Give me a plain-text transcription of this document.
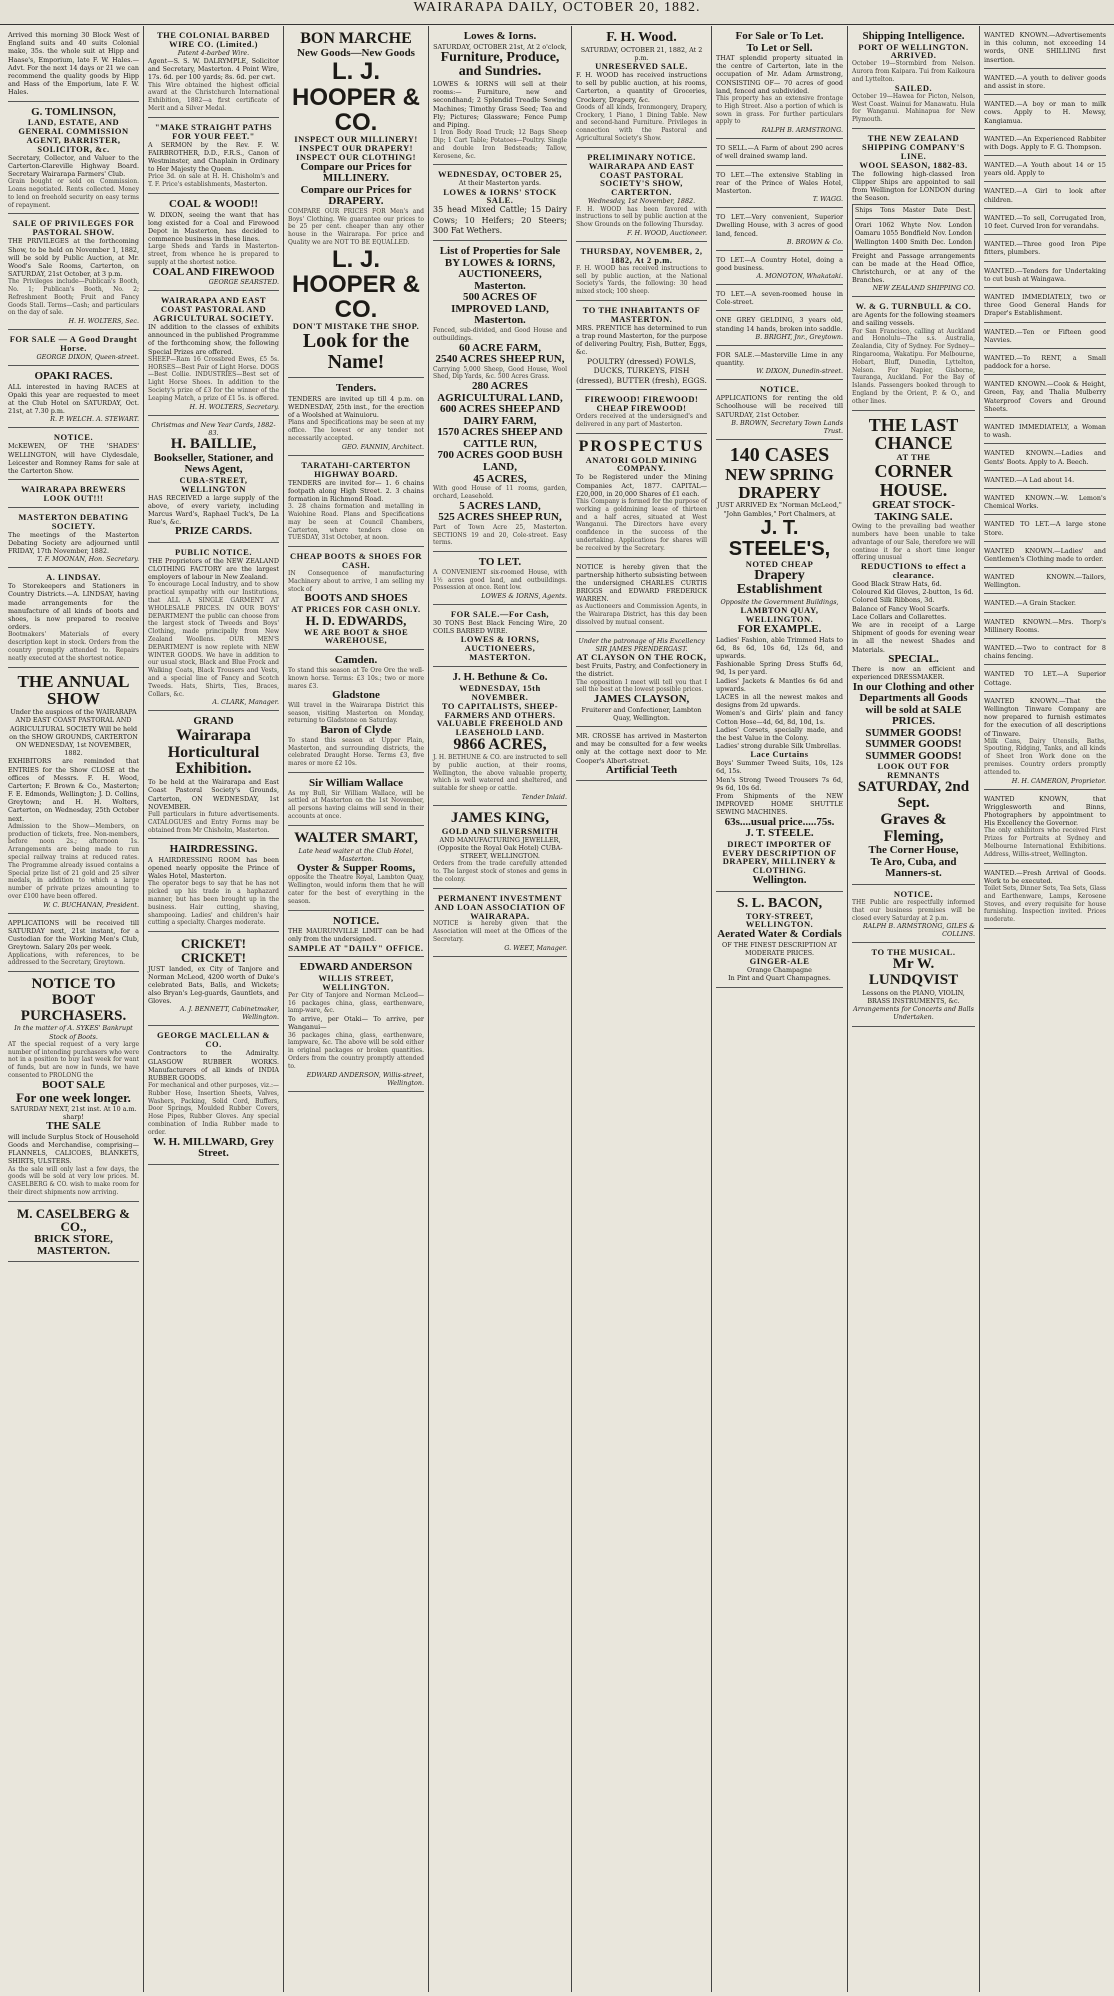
WAIRARAPA DAILY, OCTOBER 20, 1882.
Arrived this morning 30 Block West of England suits and 40 suits Colonial make, 35s. the whole suit at Hipp and Haase's, Emporium, late F. W. Hales.—Advt. For the next 14 days or 21 we can recommend the quality goods by Hipp and Hass of the Emporium, late F. W. Hales.
G. TOMLINSON,
LAND, ESTATE, AND GENERAL COMMISSION AGENT, BARRISTER, SOLICITOR, &c.
Secretary, Collector, and Valuer to the Carterton-Clareville Highway Board. Secretary Wairarapa Farmers' Club.
Grain bought or sold on Commission. Loans negotiated. Rents collected. Money to lend on freehold security on easy terms of repayment.
SALE OF PRIVILEGES FOR PASTORAL SHOW.
THE PRIVILEGES at the forthcoming Show, to be held on November 1, 1882, will be sold by Public Auction, at Mr. Wood's Sale Rooms, Carterton, on SATURDAY, 21st October, at 3 p.m.
The Privileges include—Publican's Booth, No. 1; Publican's Booth, No. 2; Refreshment Booth; Fruit and Fancy Goods Stall. Terms—Cash; and particulars on the day of sale.
H. H. WOLTERS, Sec.
FOR SALE — A Good Draught Horse.
GEORGE DIXON, Queen-street.
OPAKI RACES.
ALL interested in having RACES at Opaki this year are requested to meet at the Club Hotel on SATURDAY, Oct. 21st, at 7.30 p.m.
R. P. WELCH. A. STEWART.
NOTICE.
McKEWEN, OF THE 'SHADES' WELLINGTON, will have Clydesdale, Leicester and Romney Rams for sale at the Carterton Show.
WAIRARAPA BREWERS LOOK OUT!!!
MASTERTON DEBATING SOCIETY.
The meetings of the Masterton Debating Society are adjourned until FRIDAY, 17th November, 1882.
T. F. MOONAN, Hon. Secretary.
A. LINDSAY.
To Storekeepers and Stationers in Country Districts.—A. LINDSAY, having made arrangements for the manufacture of all kinds of boots and shoes, is now prepared to receive orders.
Bootmakers' Materials of every description kept in stock. Orders from the country promptly attended to. Repairs neatly executed at the shortest notice.
THE ANNUAL SHOW
Under the auspices of the WAIRARAPA AND EAST COAST PASTORAL AND AGRICULTURAL SOCIETY Will be held on the SHOW GROUNDS, CARTERTON ON WEDNESDAY, 1st NOVEMBER, 1882.
EXHIBITORS are reminded that ENTRIES for the Show CLOSE at the offices of Messrs. F. H. Wood, Carterton; F. Brown & Co., Masterton; F. E. Edmonds, Wellington; J. D. Collins, Greytown; and H. H. Wolters, Carterton, on Wednesday, 25th October next.
Admission to the Show—Members, on production of tickets, free. Non-members, before noon 2s.; afternoon 1s. Arrangements are being made to run special railway trains at reduced rates. The Programme already issued contains a Special prize list of 21 gold and 25 silver medals, in addition to which a large number of private prizes amounting to over £100 have been offered.
W. C. BUCHANAN, President.
APPLICATIONS will be received till SATURDAY next, 21st instant, for a Custodian for the Working Men's Club, Greytown. Salary 20s per week.
Applications, with references, to be addressed to the Secretary, Greytown.
NOTICE TO BOOT PURCHASERS.
In the matter of A. SYKES' Bankrupt Stock of Boots.
AT the special request of a very large number of intending purchasers who were not in a position to buy last week for want of funds, but are now in funds, we have consented to PROLONG the
BOOT SALE
For one week longer.
SATURDAY NEXT, 21st inst. At 10 a.m. sharp!
THE SALE
will include Surplus Stock of Household Goods and Merchandise, comprising— FLANNELS, CALICOES, BLANKETS, SHIRTS, ULSTERS.
As the sale will only last a few days, the goods will be sold at very low prices. M. CASELBERG & CO. wish to make room for their direct shipments now arriving.
M. CASELBERG & CO.,
BRICK STORE, MASTERTON.
THE COLONIAL BARBED WIRE CO. (Limited.)
Patent 4-barbed Wire.
Agent—S. S. W. DALRYMPLE, Solicitor and Secretary, Masterton. 4 Point Wire, 17s. 6d. per 100 yards; 8s. 6d. per cwt.
This Wire obtained the highest official award at the Christchurch International Exhibition, 1882—a first certificate of Merit and a Silver Medal.
"MAKE STRAIGHT PATHS FOR YOUR FEET."
A SERMON by the Rev. F. W. FAIRBROTHER, D.D., F.R.S., Canon of Westminster, and Chaplain in Ordinary to Her Majesty the Queen.
Price 3d. on sale at H. H. Chisholm's and T. F. Price's establishments, Masterton.
COAL & WOOD!!
W. DIXON, seeing the want that has long existed for a Coal and Firewood Depot in Masterton, has decided to commence business in these lines.
Large Sheds and Yards in Masterton-street, from whence he is prepared to supply at the shortest notice.
COAL AND FIREWOOD
GEORGE SEARSTED.
WAIRARAPA AND EAST COAST PASTORAL AND AGRICULTURAL SOCIETY.
IN addition to the classes of exhibits announced in the published Programme of the forthcoming show, the following Special Prizes are offered.
SHEEP—Ram 16 Crossbred Ewes, £5 5s. HORSES—Best Pair of Light Horse. DOGS—Best Collie. INDUSTRIES—Best set of Light Horse Shoes. In addition to the Society's prize of £3 for the winner of the Leaping Match, a prize of £1 5s. is offered.
H. H. WOLTERS, Secretary.
Christmas and New Year Cards, 1882-83.
H. BAILLIE,
Bookseller, Stationer, and News Agent,
CUBA-STREET, WELLINGTON
HAS RECEIVED a large supply of the above, of every variety, including Marcus Ward's, Raphael Tuck's, De La Rue's, &c.
PRIZE CARDS.
PUBLIC NOTICE.
THE Proprietors of the NEW ZEALAND CLOTHING FACTORY are the largest employers of labour in New Zealand.
To encourage Local Industry, and to show practical sympathy with our Institutions, that ALL A SINGLE GARMENT AT WHOLESALE PRICES. IN OUR BOYS' DEPARTMENT the public can choose from the largest stock of Tweeds and Boys' Clothing, made principally from New Zealand Woollens. OUR MEN'S DEPARTMENT is now replete with NEW WINTER GOODS. We have in addition to our usual stock, Black and Blue Frock and Walking Coats, Black Trousers and Vests, and a special line of Fancy and Scotch Tweeds. Hats, Shirts, Ties, Braces, Collars, &c.
A. CLARK, Manager.
GRAND
Wairarapa Horticultural Exhibition.
To be held at the Wairarapa and East Coast Pastoral Society's Grounds, Carterton, ON WEDNESDAY, 1st NOVEMBER.
Full particulars in future advertisements. CATALOGUES and Entry Forms may be obtained from Mr Chisholm, Masterton.
HAIRDRESSING.
A HAIRDRESSING ROOM has been opened nearly opposite the Prince of Wales Hotel, Masterton.
The operator begs to say that he has not picked up his trade in a haphazard manner, but has been brought up in the business. Hair cutting, shaving, shampooing. Ladies' and children's hair cutting a specialty. Charges moderate.
CRICKET! CRICKET!
JUST landed, ex City of Tanjore and Norman McLeod, 4200 worth of Duke's celebrated Bats, Balls, and Wickets; also Bryan's Leg-guards, Gauntlets, and Gloves.
A. J. BENNETT, Cabinetmaker, Wellington.
GEORGE MACLELLAN & CO.
Contractors to the Admiralty. GLASGOW RUBBER WORKS. Manufacturers of all kinds of INDIA RUBBER GOODS.
For mechanical and other purposes, viz.:—Rubber Hose, Insertion Sheets, Valves, Washers, Packing, Solid Cord, Buffers, Door Springs, Moulded Rubber Covers, Hose Pipes, Rubber Gloves. Any special combination of India Rubber made to order.
W. H. MILLWARD, Grey Street.
BON MARCHE
New Goods—New Goods
L. J. HOOPER & CO.
INSPECT OUR MILLINERY! INSPECT OUR DRAPERY! INSPECT OUR CLOTHING!
Compare our Prices for MILLINERY.
Compare our Prices for DRAPERY.
COMPARE OUR PRICES FOR Men's and Boys' Clothing. We guarantee our prices to be 25 per cent. cheaper than any other house in the Wairarapa. For price and Quality we are NOT TO BE EQUALLED.
L. J. HOOPER & CO.
DON'T MISTAKE THE SHOP.
Look for the Name!
Tenders.
TENDERS are invited up till 4 p.m. on WEDNESDAY, 25th inst., for the erection of a Woolshed at Wainuioru.
Plans and Specifications may be seen at my office. The lowest or any tender not necessarily accepted.
GEO. FANNIN, Architect.
TARATAHI-CARTERTON HIGHWAY BOARD.
TENDERS are invited for— 1. 6 chains footpath along High Street. 2. 3 chains formation in Richmond Road.
3. 28 chains formation and metalling in Waiohine Road. Plans and Specifications may be seen at Council Chambers, Carterton, where tenders close on TUESDAY, 31st October, at noon.
CHEAP BOOTS & SHOES FOR CASH.
IN Consequence of manufacturing Machinery about to arrive, I am selling my stock of
BOOTS AND SHOES
AT PRICES FOR CASH ONLY.
H. D. EDWARDS,
WE ARE BOOT & SHOE WAREHOUSE,
Camden.
To stand this season at Te Ore Ore the well-known horse. Terms: £3 10s.; two or more mares £3.
Gladstone
Will travel in the Wairarapa District this season, visiting Masterton on Monday, returning to Gladstone on Saturday.
Baron of Clyde
To stand this season at Upper Plain, Masterton, and surrounding districts, the celebrated Draught Horse. Terms £3, five mares or more £2 10s.
Sir William Wallace
As my Bull, Sir William Wallace, will be settled at Masterton on the 1st November, all persons having claims will send in their accounts at once.
WALTER SMART,
Late head waiter at the Club Hotel, Masterton.
Oyster & Supper Rooms,
opposite the Theatre Royal, Lambton Quay, Wellington, would inform them that he will cater for the best of everything in the season.
NOTICE.
THE MAURUNVILLE LIMIT can be had only from the undersigned.
SAMPLE AT "DAILY" OFFICE.
EDWARD ANDERSON
WILLIS STREET, WELLINGTON.
Per City of Tanjore and Norman McLeod— 16 packages china, glass, earthenware, lamp-ware, &c.
To arrive, per Otaki— To arrive, per Wanganui—
36 packages china, glass, earthenware, lampware, &c. The above will be sold either in original packages or broken quantities. Orders from the country promptly attended to.
EDWARD ANDERSON, Willis-street, Wellington.
Lowes & Iorns.
SATURDAY, OCTOBER 21st, At 2 o'clock,
Furniture, Produce, and Sundries.
LOWES & IORNS will sell at their rooms:— Furniture, new and secondhand; 2 Splendid Treadle Sewing Machines; Timothy Grass Seed; Tea and Fly; Pictures; Glassware; Fence Pump and Piping.
1 Iron Body Road Truck; 12 Bags Sheep Dip; 1 Cart Table; Potatoes—Poultry. Single and double Iron Bedsteads; Tallow, Kerosene, &c.
WEDNESDAY, OCTOBER 25,
At their Masterton yards.
LOWES & IORNS' STOCK SALE.
35 head Mixed Cattle; 15 Dairy Cows; 10 Heifers; 20 Steers; 300 Fat Wethers.
List of Properties for Sale BY LOWES & IORNS, AUCTIONEERS, Masterton.
500 ACRES OF IMPROVED LAND, Masterton.
Fenced, sub-divided, and Good House and outbuildings.
60 ACRE FARM,
2540 ACRES SHEEP RUN,
Carrying 5,000 Sheep, Good House, Wool Shed, Dip Yards, &c. 500 Acres Grass.
280 ACRES AGRICULTURAL LAND,
600 ACRES SHEEP AND DAIRY FARM,
1570 ACRES SHEEP AND CATTLE RUN,
700 ACRES GOOD BUSH LAND,
45 ACRES,
With good House of 11 rooms, garden, orchard, Leasehold.
5 ACRES LAND,
525 ACRES SHEEP RUN,
Part of Town Acre 25, Masterton. SECTIONS 19 and 20, Cole-street. Easy terms.
TO LET.
A CONVENIENT six-roomed House, with 1½ acres good land, and outbuildings. Possession at once. Rent low.
LOWES & IORNS, Agents.
FOR SALE.—For Cash,
30 TONS Best Black Fencing Wire, 20 COILS BARBED WIRE.
LOWES & IORNS, AUCTIONEERS, MASTERTON.
J. H. Bethune & Co.
WEDNESDAY, 15th NOVEMBER.
TO CAPITALISTS, SHEEP-FARMERS AND OTHERS.
VALUABLE FREEHOLD AND LEASEHOLD LAND.
9866 ACRES,
J. H. BETHUNE & CO. are instructed to sell by public auction, at their rooms, Wellington, the above valuable property, which is well watered and sheltered, and suitable for sheep or cattle.
Tender Inlaid.
JAMES KING,
GOLD AND SILVERSMITH
AND MANUFACTURING JEWELLER, (Opposite the Royal Oak Hotel) CUBA-STREET, WELLINGTON.
Orders from the trade carefully attended to. The largest stock of stones and gems in the colony.
PERMANENT INVESTMENT AND LOAN ASSOCIATION OF WAIRARAPA.
NOTICE is hereby given that the Association will meet at the Offices of the Secretary.
G. WEET, Manager.
F. H. Wood.
SATURDAY, OCTOBER 21, 1882, At 2 p.m.
UNRESERVED SALE.
F. H. WOOD has received instructions to sell by public auction, at his rooms, Carterton, a quantity of Groceries, Crockery, Drapery, &c.
Goods of all kinds, Ironmongery, Drapery, Crockery, 1 Piano, 1 Dining Table. New and second-hand Furniture. Privileges in connection with the Pastoral and Agricultural Society's Show.
PRELIMINARY NOTICE.
WAIRARAPA AND EAST COAST PASTORAL SOCIETY'S SHOW, CARTERTON.
Wednesday, 1st November, 1882.
F. H. WOOD has been favored with instructions to sell by public auction at the Show Grounds on the following Thursday.
F. H. WOOD, Auctioneer.
THURSDAY, NOVEMBER, 2, 1882, At 2 p.m.
F. H. WOOD has received instructions to sell by public auction, at the National Society's Yards, the following: 30 head mixed stock; 100 sheep.
TO THE INHABITANTS OF MASTERTON.
MRS. PRENTICE has determined to run a trap round Masterton, for the purpose of delivering Poultry, Fish, Butter, Eggs, &c.
POULTRY (dressed) FOWLS, DUCKS, TURKEYS, FISH (dressed), BUTTER (fresh), EGGS.
FIREWOOD! FIREWOOD! CHEAP FIREWOOD!
Orders received at the undersigned's and delivered in any part of Masterton.
PROSPECTUS
ANATORI GOLD MINING COMPANY.
To be Registered under the Mining Companies Act, 1877. CAPITAL—£20,000, in 20,000 Shares of £1 each.
This Company is formed for the purpose of working a goldmining lease of thirteen and a half acres, situated at West Wanganui. The Directors have every confidence in the success of the undertaking. Applications for shares will be received by the Secretary.
NOTICE is hereby given that the partnership hitherto subsisting between the undersigned CHARLES CURTIS BRIGGS and EDWARD FREDERICK WARREN.
as Auctioneers and Commission Agents, in the Wairarapa District, has this day been dissolved by mutual consent.
Under the patronage of His Excellency SIR JAMES PRENDERGAST.
AT CLAYSON ON THE ROCK,
best Fruits, Pastry, and Confectionery in the district.
The opposition I meet will tell you that I sell the best at the lowest possible prices.
JAMES CLAYSON,
Fruiterer and Confectioner, Lambton Quay, Wellington.
MR. CROSSE has arrived in Masterton and may be consulted for a few weeks only at the cottage next door to Mr. Cooper's Albert-street.
Artificial Teeth
For Sale or To Let.
To Let or Sell.
THAT splendid property situated in the centre of Carterton, late in the occupation of Mr. Adam Armstrong, CONSISTING OF— 70 acres of good land, fenced and subdivided.
This property has an extensive frontage to High Street. Also a portion of which is sown in grass. For further particulars apply to
RALPH B. ARMSTRONG.
TO SELL.—A Farm of about 290 acres of well drained swamp land.
TO LET.—The extensive Stabling in rear of the Prince of Wales Hotel, Masterton.
T. WAGG.
TO LET.—Very convenient, Superior Dwelling House, with 3 acres of good land, fenced.
B. BROWN & Co.
TO LET.—A Country Hotel, doing a good business.
A. MONOTON, Whakataki.
TO LET.—A seven-roomed house in Cole-street.
ONE GREY GELDING, 3 years old, standing 14 hands, broken into saddle.
B. BRIGHT, Jnr., Greytown.
FOR SALE.—Masterville Lime in any quantity.
W. DIXON, Dunedin-street.
NOTICE.
APPLICATIONS for renting the old Schoolhouse will be received till SATURDAY, 21st October.
B. BROWN, Secretary Town Lands Trust.
140 CASES
NEW SPRING
DRAPERY
JUST ARRIVED Ex "Norman McLeod," "John Gambles," Port Chalmers, at
J. T. STEELE'S,
NOTED CHEAP
Drapery Establishment
Opposite the Government Buildings,
LAMBTON QUAY, WELLINGTON.
FOR EXAMPLE.
Ladies' Fashion, able Trimmed Hats to 6d, 8s 6d, 10s 6d, 12s 6d, and upwards.
Fashionable Spring Dress Stuffs 6d, 9d, 1s per yard.
Ladies' Jackets & Mantles 6s 6d and upwards.
LACES in all the newest makes and designs from 2d upwards.
Women's and Girls' plain and fancy Cotton Hose—4d, 6d, 8d, 10d, 1s.
Ladies' Corsets, specially made, and the best Value in the Colony.
Ladies' strong durable Silk Umbrellas.
Lace Curtains
Boys' Summer Tweed Suits, 10s, 12s 6d, 15s.
Men's Strong Tweed Trousers 7s 6d, 9s 6d, 10s 6d.
From Shipments of the NEW IMPROVED HOME SHUTTLE SEWING MACHINES.
63s....usual price.....75s.
J. T. STEELE.
DIRECT IMPORTER OF EVERY DESCRIPTION OF DRAPERY, MILLINERY & CLOTHING.
Wellington.
S. L. BACON,
TORY-STREET, WELLINGTON.
Aerated Water & Cordials
OF THE FINEST DESCRIPTION AT MODERATE PRICES.
GINGER-ALE
Orange Champagne
In Pint and Quart Champagnes.
Shipping Intelligence.
PORT OF WELLINGTON.
ARRIVED.
October 19—Stormbird from Nelson. Aurora from Kaipara. Tui from Kaikoura and Lyttelton.
SAILED.
October 19—Hawea for Picton, Nelson, West Coast. Wainui for Manawatu. Hula for Wanganui. Mahinapua for New Plymouth.
THE NEW ZEALAND SHIPPING COMPANY'S LINE.
WOOL SEASON, 1882-83.
The following high-classed Iron Clipper Ships are appointed to sail from Wellington for LONDON during the Season.
Ships Tons Master Date Dest.
Orari 1062 Whyte Nov. London
Oamaru 1055 Bondfield Nov. London
Wellington 1400 Smith Dec. London
Freight and Passage arrangements can be made at the Head Office, Christchurch, or at any of the Branches.
NEW ZEALAND SHIPPING CO.
W. & G. TURNBULL & CO.
are Agents for the following steamers and sailing vessels.
For San Francisco, calling at Auckland and Honolulu—The s.s. Australia, Zealandia, City of Sydney. For Sydney—Ringarooma, Wakatipu. For Melbourne, Hobart, Bluff, Dunedin, Lyttelton, Nelson. For Napier, Gisborne, Tauranga, Auckland. For the Bay of Islands. Passengers booked through to England by the Orient, P. & O., and other lines.
THE LAST CHANCE
AT THE
CORNER HOUSE.
GREAT STOCK-TAKING SALE.
Owing to the prevailing bad weather numbers have been unable to take advantage of our Sale, therefore we will continue it for a short time longer offering unusual
REDUCTIONS to effect a clearance.
Good Black Straw Hats, 6d.
Coloured Kid Gloves, 2-button, 1s 6d.
Colored Silk Ribbons, 3d.
Balance of Fancy Wool Scarfs.
Lace Collars and Collarettes.
We are in receipt of a Large Shipment of goods for evening wear in all the newest Shades and Materials.
SPECIAL.
There is now an efficient and experienced DRESSMAKER.
In our Clothing and other Departments all Goods will be sold at SALE PRICES.
SUMMER GOODS!
SUMMER GOODS!
SUMMER GOODS!
LOOK OUT FOR REMNANTS
SATURDAY, 2nd Sept.
Graves & Fleming,
The Corner House,
Te Aro, Cuba, and Manners-st.
NOTICE.
THE Public are respectfully informed that our business premises will be closed every Saturday at 2 p.m.
RALPH B. ARMSTRONG, GILES & COLLINS.
TO THE MUSICAL.
Mr W. LUNDQVIST
Lessons on the PIANO, VIOLIN, BRASS INSTRUMENTS, &c.
Arrangements for Concerts and Balls Undertaken.
WANTED KNOWN.—Advertisements in this column, not exceeding 14 words, ONE SHILLING first insertion.
WANTED.—A youth to deliver goods and assist in store.
WANTED.—A boy or man to milk cows. Apply to H. Mewsy, Kangiamua.
WANTED.—An Experienced Rabbiter with Dogs. Apply to F. G. Thompson.
WANTED.—A Youth about 14 or 15 years old. Apply to
WANTED.—A Girl to look after children.
WANTED.—To sell, Corrugated Iron, 10 feet. Curved Iron for verandahs.
WANTED.—Three good Iron Pipe fitters, plumbers.
WANTED.—Tenders for Undertaking to cut bush at Waingawa.
WANTED IMMEDIATELY, two or three Good General Hands for Draper's Establishment.
WANTED.—Ten or Fifteen good Navvies.
WANTED.—To RENT, a Small paddock for a horse.
WANTED KNOWN.—Cook & Height, Green, Fay, and Thalia Mulberry Waterproof Covers and Ground Sheets.
WANTED IMMEDIATELY, a Woman to wash.
WANTED KNOWN.—Ladies and Gents' Boots. Apply to A. Beech.
WANTED.—A Lad about 14.
WANTED KNOWN.—W. Lemon's Chemical Works.
WANTED TO LET.—A large stone Store.
WANTED KNOWN.—Ladies' and Gentlemen's Clothing made to order.
WANTED KNOWN.—Tailors, Wellington.
WANTED.—A Grain Stacker.
WANTED KNOWN.—Mrs. Thorp's Millinery Rooms.
WANTED.—Two to contract for 8 chains fencing.
WANTED TO LET.—A Superior Cottage.
WANTED KNOWN.—That the Wellington Tinware Company are now prepared to furnish estimates for the execution of all descriptions of Tinware.
Milk Cans, Dairy Utensils, Baths, Spouting, Ridging, Tanks, and all kinds of Sheet Iron Work done on the premises. Country orders promptly attended to.
H. H. CAMERON, Proprietor.
WANTED KNOWN, that Wrigglesworth and Binns, Photographers by appointment to His Excellency the Governor.
The only exhibitors who received First Prizes for Portraits at Sydney and Melbourne International Exhibitions. Address, Willis-street, Wellington.
WANTED.—Fresh Arrival of Goods. Work to be executed.
Toilet Sets, Dinner Sets, Tea Sets, Glass and Earthenware, Lamps, Kerosene Stoves, and every requisite for house furnishing. Inspection invited. Prices moderate.
